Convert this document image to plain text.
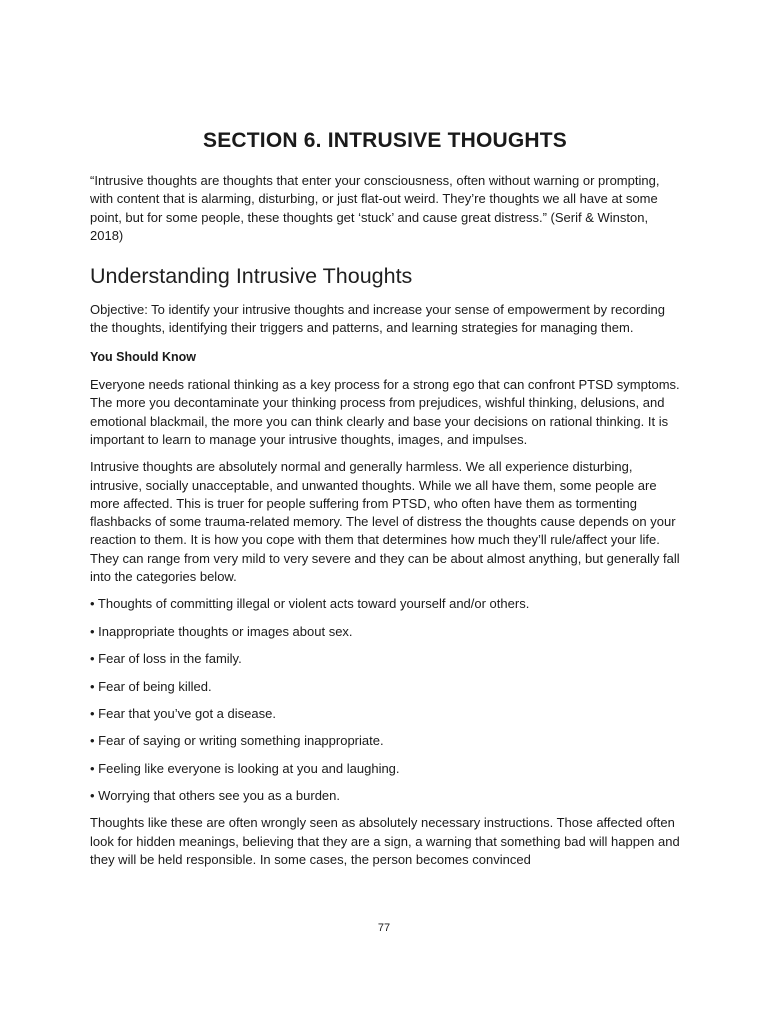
SECTION 6. INTRUSIVE THOUGHTS

“Intrusive thoughts are thoughts that enter your consciousness, often without warning or prompting, with content that is alarming, disturbing, or just flat-out weird. They’re thoughts we all have at some point, but for some people, these thoughts get ‘stuck’ and cause great distress.” (Serif & Winston, 2018)

Understanding Intrusive Thoughts

Objective: To identify your intrusive thoughts and increase your sense of empowerment by recording the thoughts, identifying their triggers and patterns, and learning strategies for managing them.

You Should Know

Everyone needs rational thinking as a key process for a strong ego that can confront PTSD symptoms. The more you decontaminate your thinking process from prejudices, wishful thinking, delusions, and emotional blackmail, the more you can think clearly and base your decisions on rational thinking. It is important to learn to manage your intrusive thoughts, images, and impulses.

Intrusive thoughts are absolutely normal and generally harmless. We all experience disturbing, intrusive, socially unacceptable, and unwanted thoughts. While we all have them, some people are more affected. This is truer for people suffering from PTSD, who often have them as tormenting flashbacks of some trauma-related memory. The level of distress the thoughts cause depends on your reaction to them. It is how you cope with them that determines how much they’ll rule/affect your life. They can range from very mild to very severe and they can be about almost anything, but generally fall into the categories below.

• Thoughts of committing illegal or violent acts toward yourself and/or others.
• Inappropriate thoughts or images about sex.
• Fear of loss in the family.
• Fear of being killed.
• Fear that you’ve got a disease.
• Fear of saying or writing something inappropriate.
• Feeling like everyone is looking at you and laughing.
• Worrying that others see you as a burden.

Thoughts like these are often wrongly seen as absolutely necessary instructions. Those affected often look for hidden meanings, believing that they are a sign, a warning that something bad will happen and they will be held responsible. In some cases, the person becomes convinced

77
